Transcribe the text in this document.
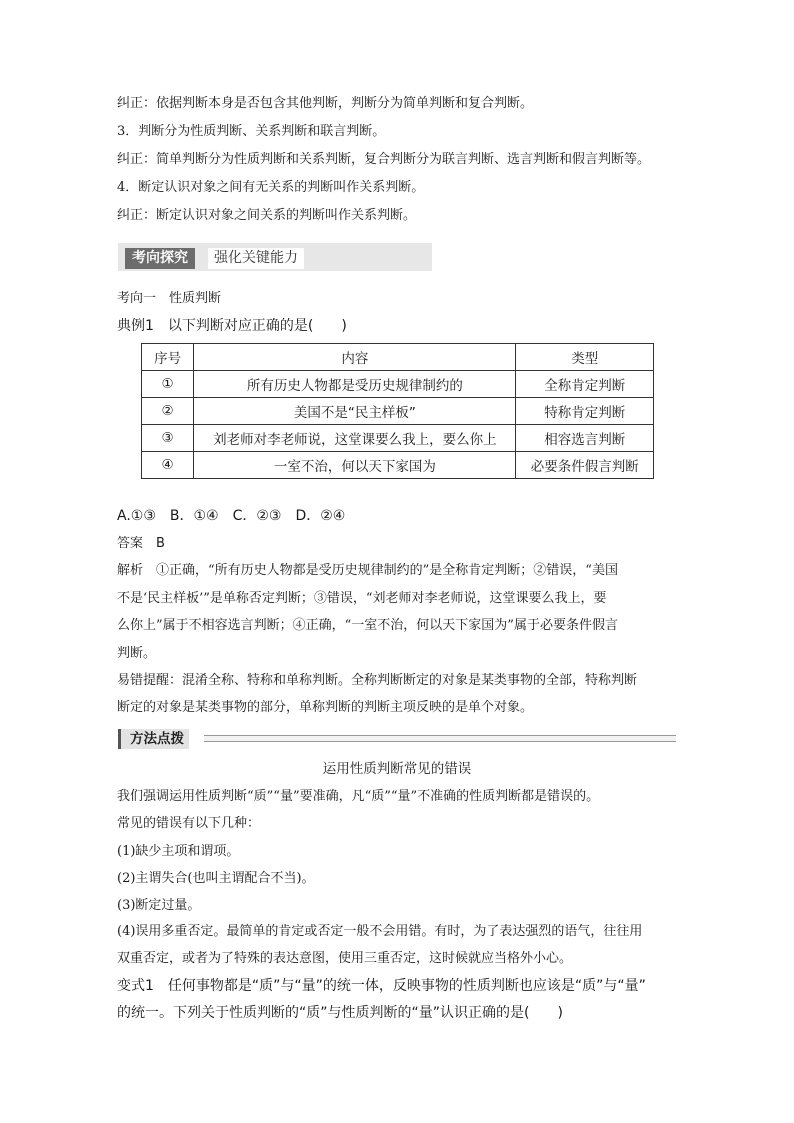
纠正：依据判断本身是否包含其他判断，判断分为简单判断和复合判断。
3．判断分为性质判断、关系判断和联言判断。
纠正：简单判断分为性质判断和关系判断，复合判断分为联言判断、选言判断和假言判断等。
4．断定认识对象之间有无关系的判断叫作关系判断。
纠正：断定认识对象之间关系的判断叫作关系判断。
考向探究	强化关键能力
考向一　性质判断
典例1　以下判断对应正确的是(　　)
序号	内容	类型
①	所有历史人物都是受历史规律制约的	全称肯定判断
②	美国不是“民主样板”	特称肯定判断
③	刘老师对李老师说，这堂课要么我上，要么你上	相容选言判断
④	一室不治，何以天下家国为	必要条件假言判断
A.①③　B．①④　C．②③　D．②④
答案　B
解析　①正确，“所有历史人物都是受历史规律制约的”是全称肯定判断；②错误，“美国
不是‘民主样板’”是单称否定判断；③错误，“刘老师对李老师说，这堂课要么我上，要
么你上”属于不相容选言判断；④正确，“一室不治，何以天下家国为”属于必要条件假言
判断。
易错提醒：混淆全称、特称和单称判断。全称判断断定的对象是某类事物的全部，特称判断
断定的对象是某类事物的部分，单称判断的判断主项反映的是单个对象。
方法点拨
运用性质判断常见的错误
我们强调运用性质判断“质”“量”要准确，凡“质”“量”不准确的性质判断都是错误的。
常见的错误有以下几种：
(1)缺少主项和谓项。
(2)主谓失合(也叫主谓配合不当)。
(3)断定过量。
(4)误用多重否定。最简单的肯定或否定一般不会用错。有时，为了表达强烈的语气，往往用
双重否定，或者为了特殊的表达意图，使用三重否定，这时候就应当格外小心。
变式1　任何事物都是“质”与“量”的统一体，反映事物的性质判断也应该是“质”与“量”
的统一。下列关于性质判断的“质”与性质判断的“量”认识正确的是(　　)
